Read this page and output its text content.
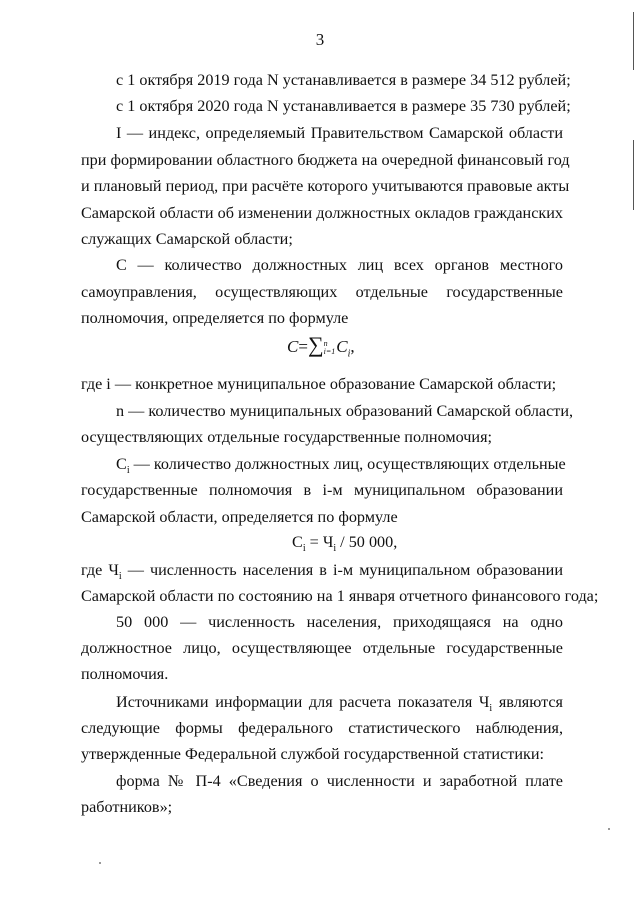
3
с 1 октября 2019 года N устанавливается в размере 34 512 рублей;
с 1 октября 2020 года N устанавливается в размере 35 730 рублей;
I — индекс, определяемый Правительством Самарской области
при формировании областного бюджета на очередной финансовый год
и плановый период, при расчёте которого учитываются правовые акты
Самарской области об изменении должностных окладов гражданских
служащих Самарской области;
С — количество должностных лиц всех органов местного
самоуправления, осуществляющих отдельные государственные
полномочия, определяется по формуле
C=∑ n
i=1 $C_i$,
где i — конкретное муниципальное образование Самарской области;
n — количество муниципальных образований Самарской области,
осуществляющих отдельные государственные полномочия;
$C_i$ — количество должностных лиц, осуществляющих отдельные
государственные полномочия в i-м муниципальном образовании
Самарской области, определяется по формуле
$C_i = Ч_i / 50$ 000,
где $Ч_i$ — численность населения в i-м муниципальном образовании
Самарской области по состоянию на 1 января отчетного финансового года;
50 000 — численность населения, приходящаяся на одно
должностное лицо, осуществляющее отдельные государственные
полномочия.
Источниками информации для расчета показателя $Ч_i$ являются
следующие формы федерального статистического наблюдения,
утвержденные Федеральной службой государственной статистики:
форма № П-4 «Сведения о численности и заработной плате
работников»;
